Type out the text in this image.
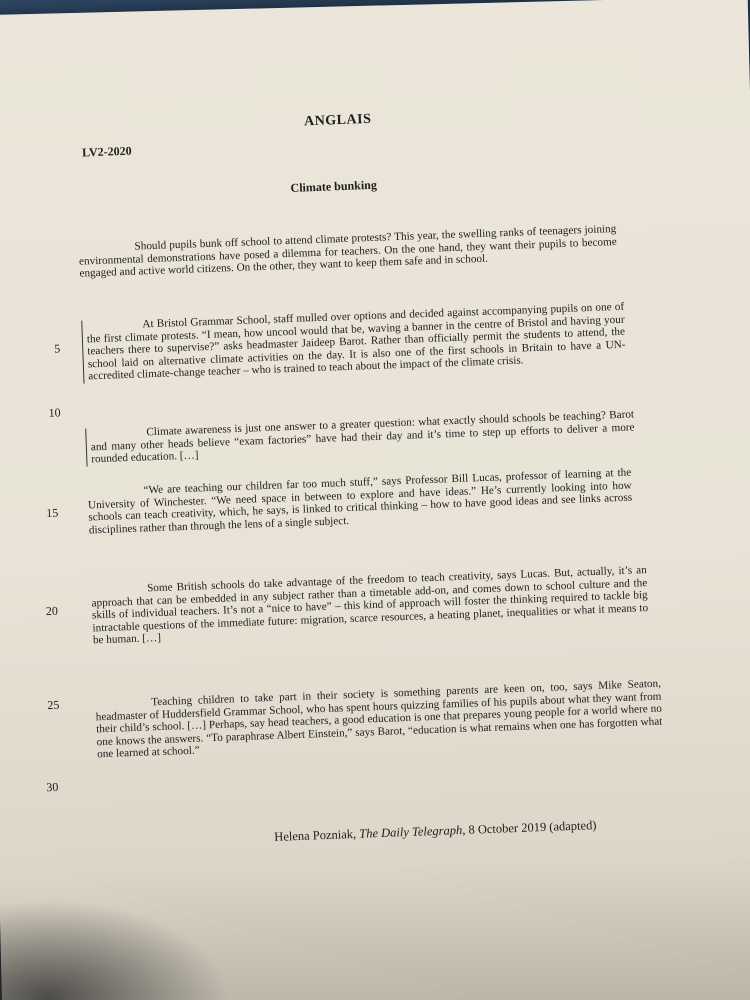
LV2-2020
ANGLAIS
Climate bunking

Should pupils bunk off school to attend climate protests? This year, the swelling ranks of teenagers joining environmental demonstrations have posed a dilemma for teachers. On the one hand, they want their pupils to become engaged and active world citizens. On the other, they want to keep them safe and in school.

At Bristol Grammar School, staff mulled over options and decided against accompanying pupils on one of the first climate protests. “I mean, how uncool would that be, waving a banner in the centre of Bristol and having your teachers there to supervise?” asks headmaster Jaideep Barot. Rather than officially permit the students to attend, the school laid on alternative climate activities on the day. It is also one of the first schools in Britain to have a UN-accredited climate-change teacher – who is trained to teach about the impact of the climate crisis.

Climate awareness is just one answer to a greater question: what exactly should schools be teaching? Barot and many other heads believe “exam factories” have had their day and it’s time to step up efforts to deliver a more rounded education. […]

“We are teaching our children far too much stuff,” says Professor Bill Lucas, professor of learning at the University of Winchester. “We need space in between to explore and have ideas.” He’s currently looking into how schools can teach creativity, which, he says, is linked to critical thinking – how to have good ideas and see links across disciplines rather than through the lens of a single subject.

Some British schools do take advantage of the freedom to teach creativity, says Lucas. But, actually, it’s an approach that can be embedded in any subject rather than a timetable add-on, and comes down to school culture and the skills of individual teachers. It’s not a “nice to have” – this kind of approach will foster the thinking required to tackle big intractable questions of the immediate future: migration, scarce resources, a heating planet, inequalities or what it means to be human. […]

Teaching children to take part in their society is something parents are keen on, too, says Mike Seaton, headmaster of Huddersfield Grammar School, who has spent hours quizzing families of his pupils about what they want from their child’s school. […] Perhaps, say head teachers, a good education is one that prepares young people for a world where no one knows the answers. “To paraphrase Albert Einstein,” says Barot, “education is what remains when one has forgotten what one learned at school.”

5
10
15
20
25
30
Helena Pozniak, The Daily Telegraph, 8 October 2019 (adapted)
